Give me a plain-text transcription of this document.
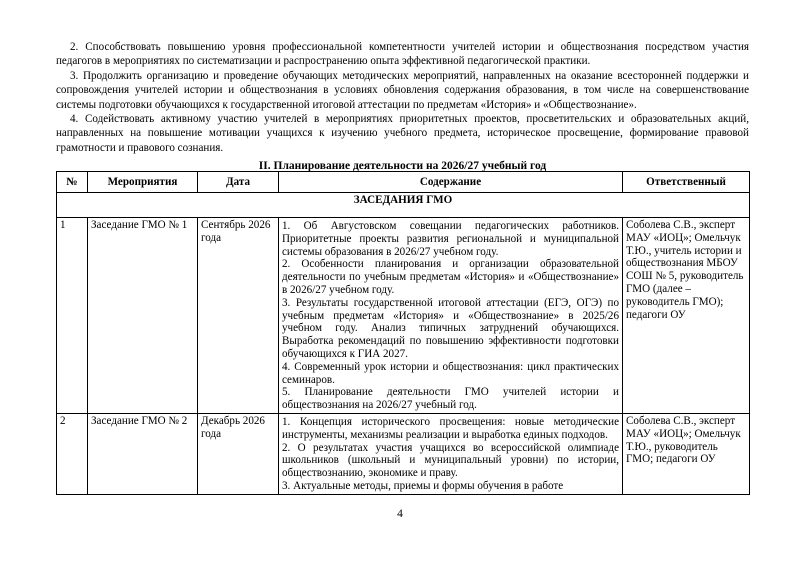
2. Способствовать повышению уровня профессиональной компетентности учителей истории и обществознания посредством участия педагогов в мероприятиях по систематизации и распространению опыта эффективной педагогической практики.

3. Продолжить организацию и проведение обучающих методических мероприятий, направленных на оказание всесторонней поддержки и сопровождения учителей истории и обществознания в условиях обновления содержания образования, в том числе на совершенствование системы подготовки обучающихся к государственной итоговой аттестации по предметам «История» и «Обществознание».

4. Содействовать активному участию учителей в мероприятиях приоритетных проектов, просветительских и образовательных акций, направленных на повышение мотивации учащихся к изучению учебного предмета, историческое просвещение, формирование правовой грамотности и правового сознания.

II. Планирование деятельности на 2026/27 учебный год

№	Мероприятия	Дата	Содержание	Ответственный
ЗАСЕДАНИЯ ГМО				
1	Заседание ГМО № 1	Сентябрь 2026 года	1. Об Августовском совещании педагогических работников. Приоритетные проекты развития региональной и муниципальной системы образования в 2026/27 учебном году.

2. Особенности планирования и организации образовательной деятельности по учебным предметам «История» и «Обществознание» в 2026/27 учебном году.

3. Результаты государственной итоговой аттестации (ЕГЭ, ОГЭ) по учебным предметам «История» и «Обществознание» в 2025/26 учебном году. Анализ типичных затруднений обучающихся. Выработка рекомендаций по повышению эффективности подготовки обучающихся к ГИА 2027.

4. Современный урок истории и обществознания: цикл практических семинаров.

5. Планирование деятельности ГМО учителей истории и обществознания на 2026/27 учебный год.	Соболева С.В., эксперт МАУ «ИОЦ»; Омельчук Т.Ю., учитель истории и обществознания МБОУ СОШ № 5, руководитель ГМО (далее – руководитель ГМО); педагоги ОУ
2	Заседание ГМО № 2	Декабрь 2026 года	1. Концепция исторического просвещения: новые методические инструменты, механизмы реализации и выработка единых подходов.

2. О результатах участия учащихся во всероссийской олимпиаде школьников (школьный и муниципальный уровни) по истории, обществознанию, экономике и праву.

3. Актуальные методы, приемы и формы обучения в работе	Соболева С.В., эксперт МАУ «ИОЦ»; Омельчук Т.Ю., руководитель ГМО; педагоги ОУ
4
